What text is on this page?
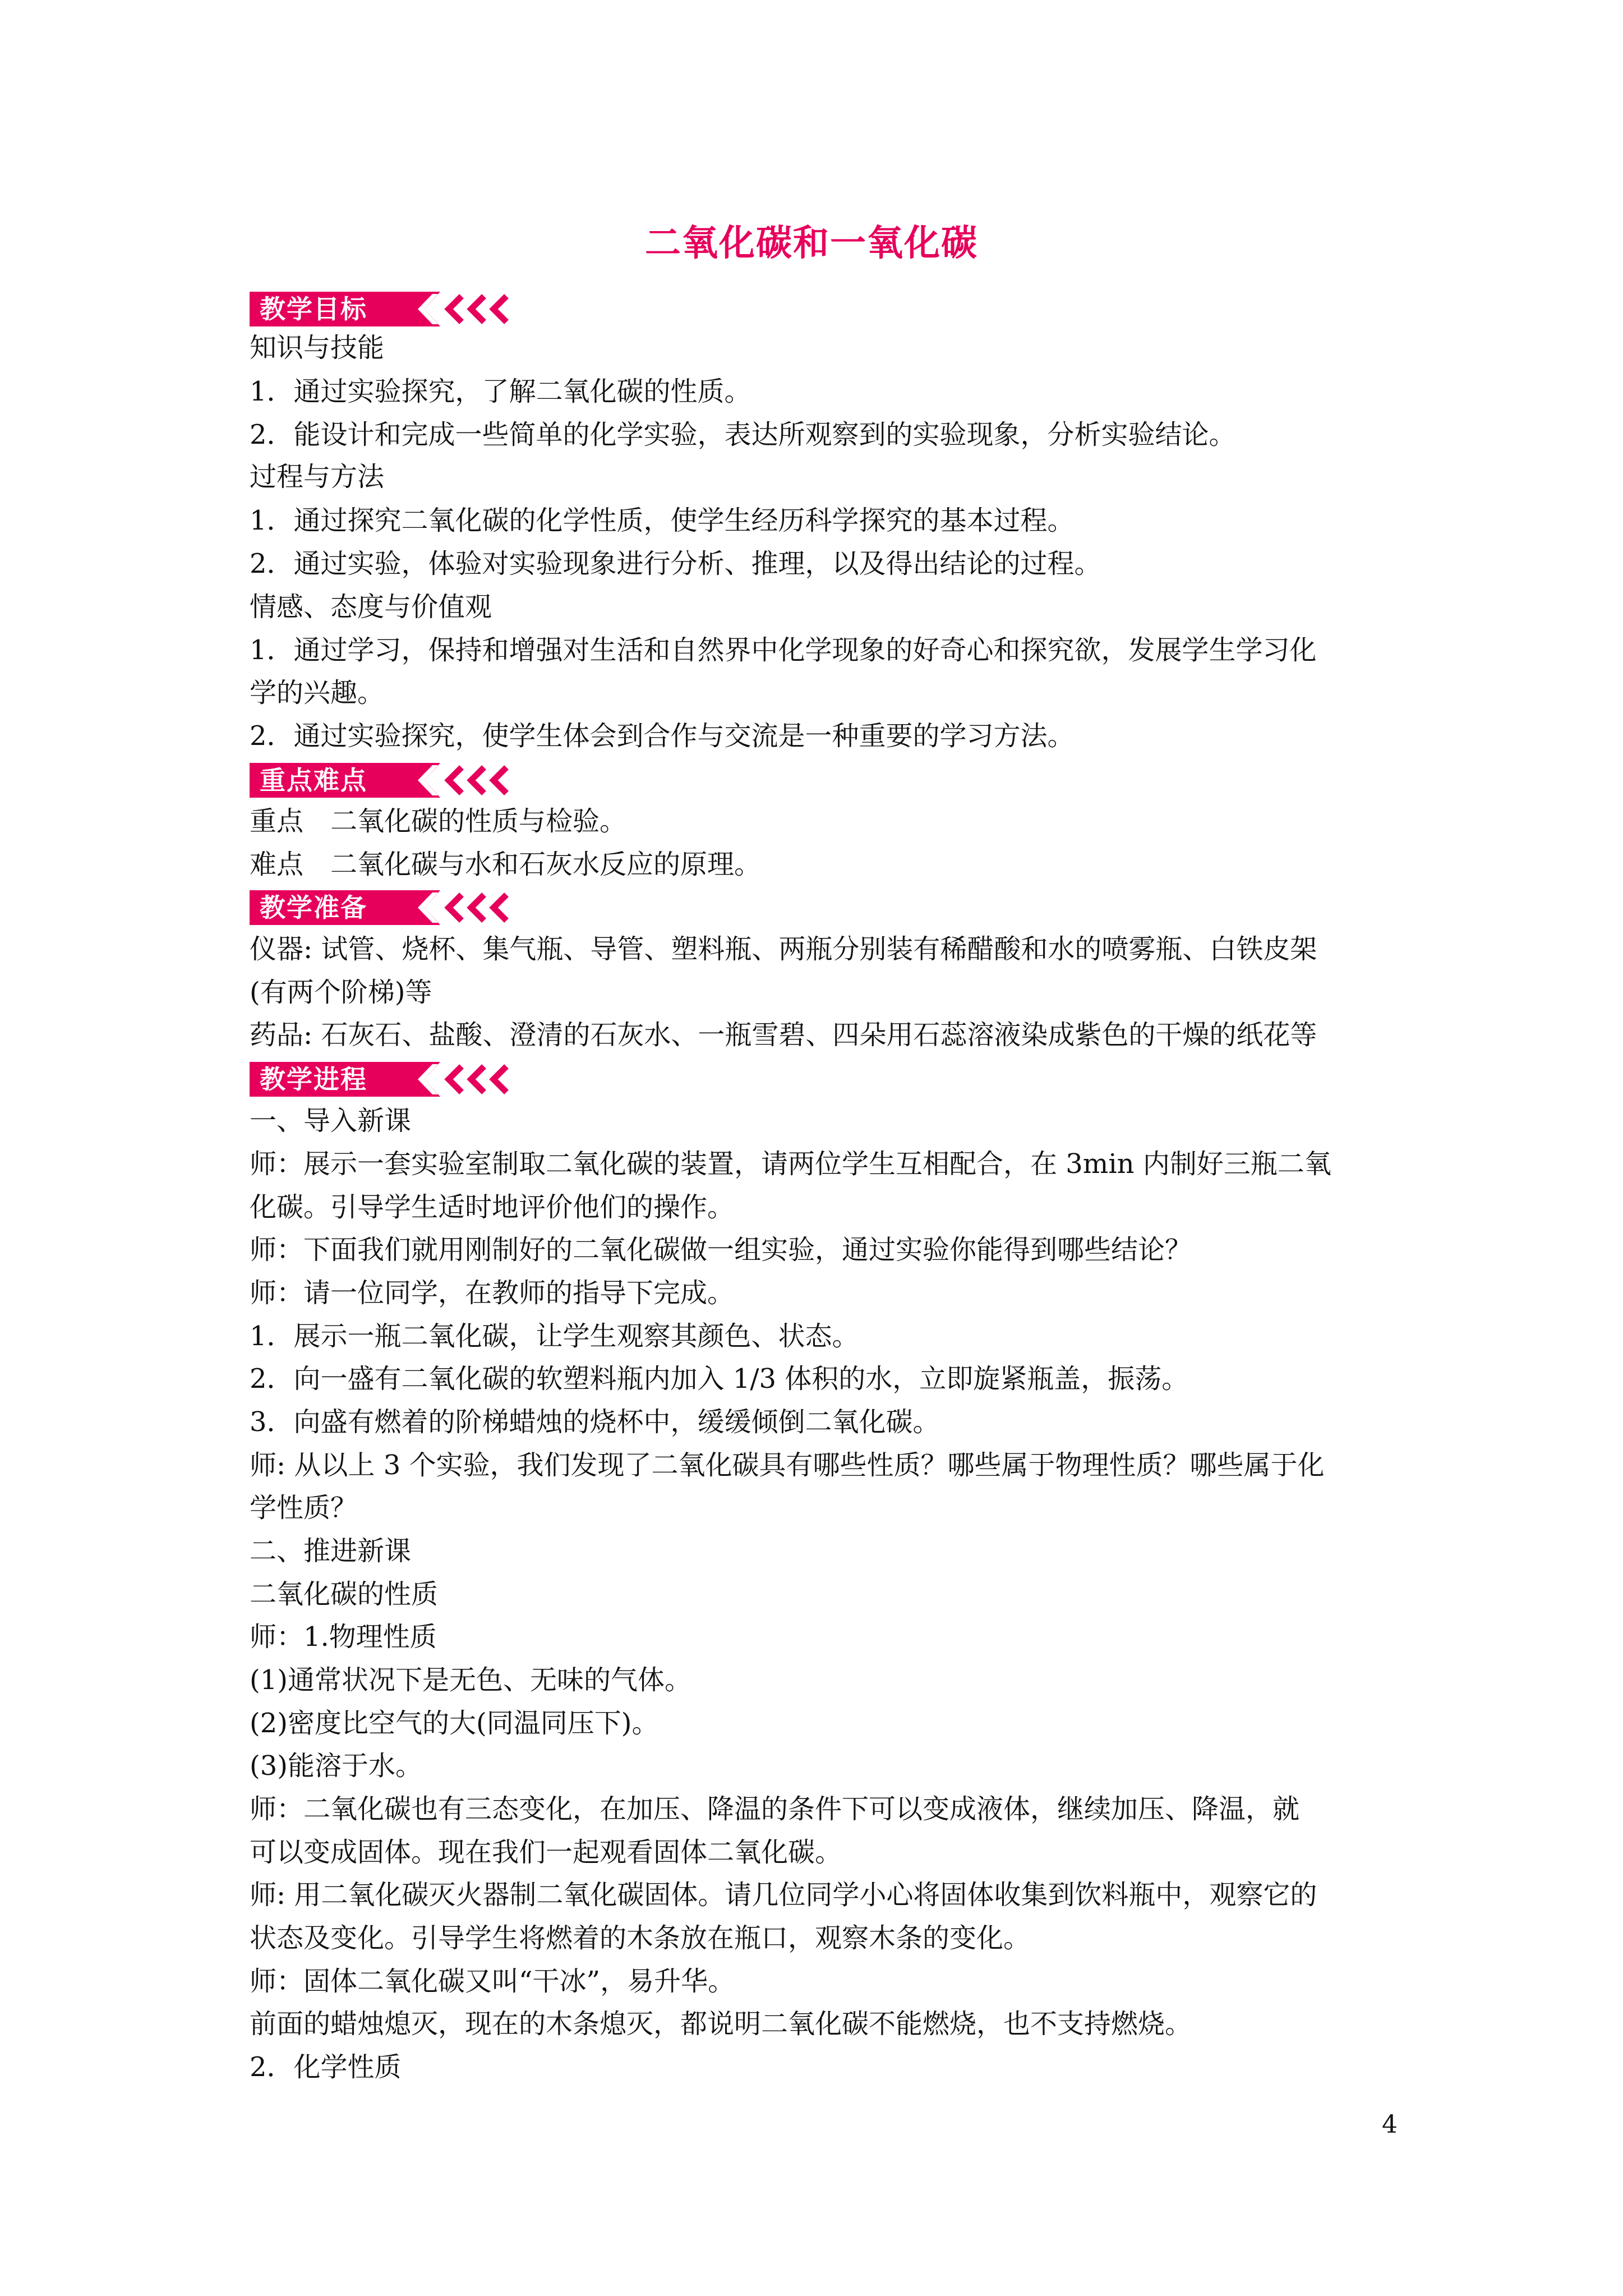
二氧化碳和一氧化碳
教学目标
知识与技能
1．通过实验探究，了解二氧化碳的性质。
2．能设计和完成一些简单的化学实验，表达所观察到的实验现象，分析实验结论。
过程与方法
1．通过探究二氧化碳的化学性质，使学生经历科学探究的基本过程。
2．通过实验，体验对实验现象进行分析、推理，以及得出结论的过程。
情感、态度与价值观
1．通过学习，保持和增强对生活和自然界中化学现象的好奇心和探究欲，发展学生学习化
学的兴趣。
2．通过实验探究，使学生体会到合作与交流是一种重要的学习方法。
重点难点
重点　二氧化碳的性质与检验。
难点　二氧化碳与水和石灰水反应的原理。
教学准备
仪器: 试管、烧杯、集气瓶、导管、塑料瓶、两瓶分别装有稀醋酸和水的喷雾瓶、白铁皮架
(有两个阶梯)等
药品: 石灰石、盐酸、澄清的石灰水、一瓶雪碧、四朵用石蕊溶液染成紫色的干燥的纸花等
教学进程
一、导入新课
师：展示一套实验室制取二氧化碳的装置，请两位学生互相配合，在 3min 内制好三瓶二氧
化碳。引导学生适时地评价他们的操作。
师：下面我们就用刚制好的二氧化碳做一组实验，通过实验你能得到哪些结论？
师：请一位同学，在教师的指导下完成。
1．展示一瓶二氧化碳，让学生观察其颜色、状态。
2．向一盛有二氧化碳的软塑料瓶内加入 1/3 体积的水，立即旋紧瓶盖，振荡。
3．向盛有燃着的阶梯蜡烛的烧杯中，缓缓倾倒二氧化碳。
师: 从以上 3 个实验，我们发现了二氧化碳具有哪些性质？哪些属于物理性质？哪些属于化
学性质？
二、推进新课
二氧化碳的性质
师：1.物理性质
(1)通常状况下是无色、无味的气体。
(2)密度比空气的大(同温同压下)。
(3)能溶于水。
师：二氧化碳也有三态变化，在加压、降温的条件下可以变成液体，继续加压、降温，就
可以变成固体。现在我们一起观看固体二氧化碳。
师: 用二氧化碳灭火器制二氧化碳固体。请几位同学小心将固体收集到饮料瓶中，观察它的
状态及变化。引导学生将燃着的木条放在瓶口，观察木条的变化。
师：固体二氧化碳又叫“干冰”，易升华。
前面的蜡烛熄灭，现在的木条熄灭，都说明二氧化碳不能燃烧，也不支持燃烧。
2．化学性质
4
